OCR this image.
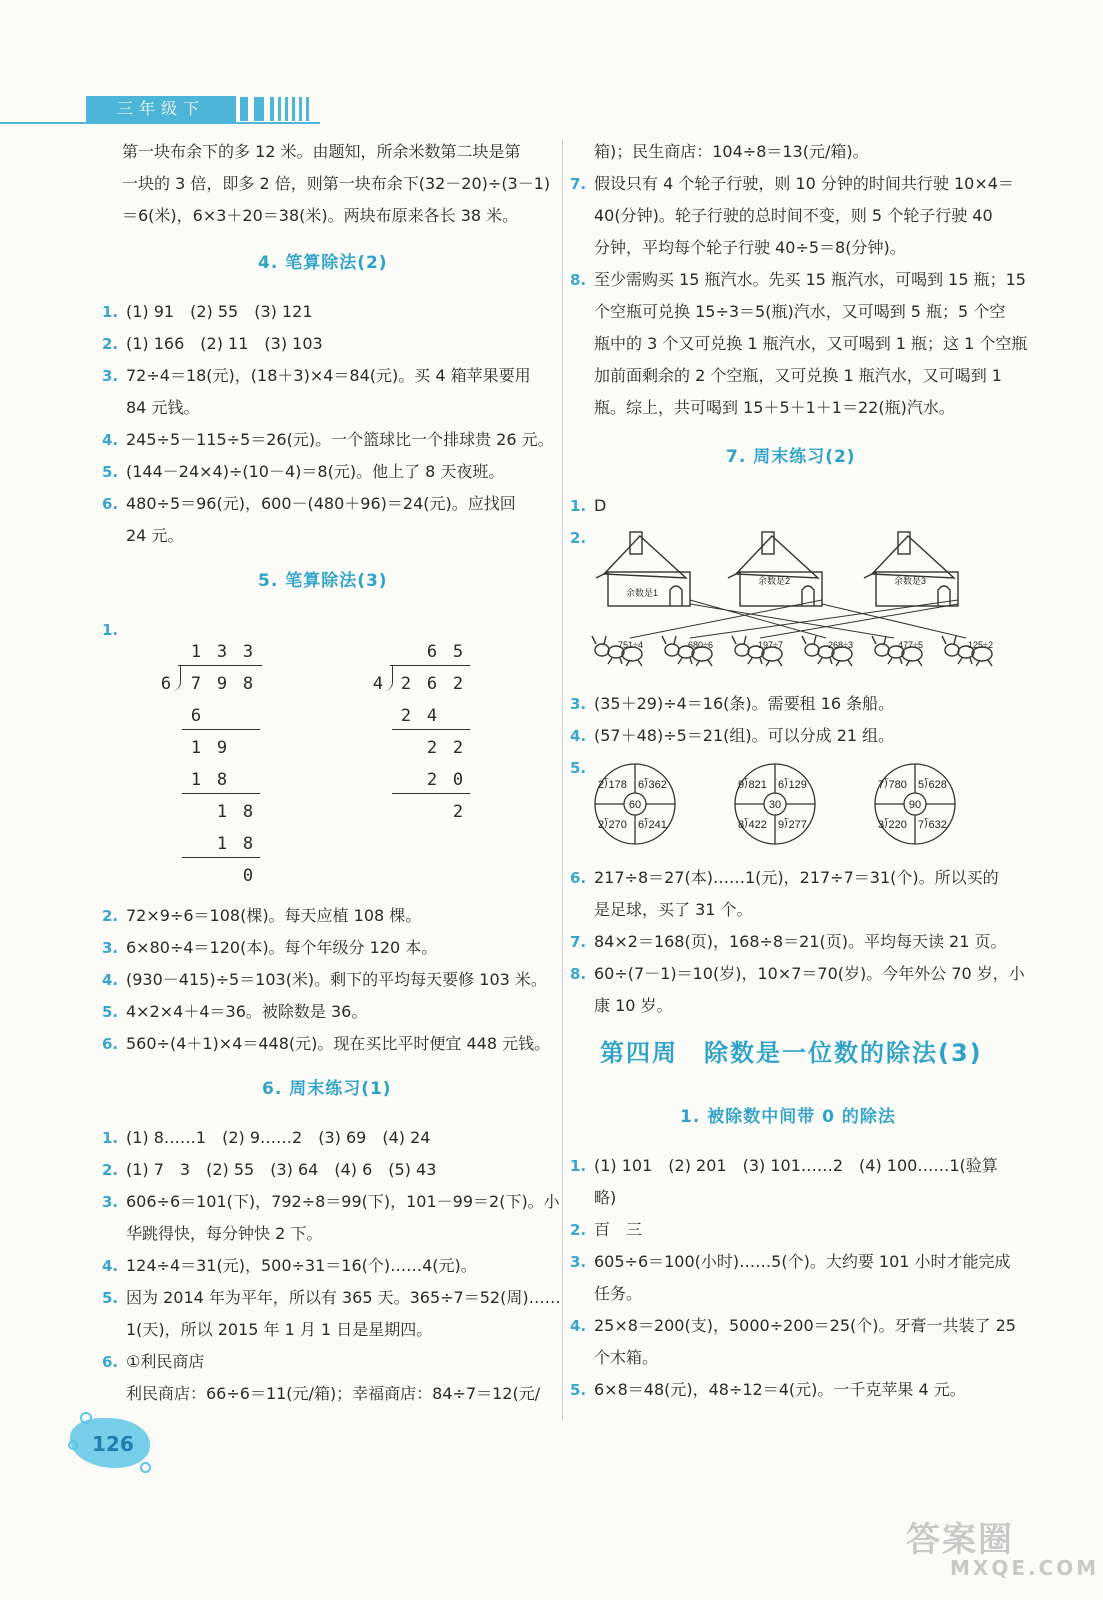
三年级下
第一块布余下的多 12 米。由题知，所余米数第二块是第
一块的 3 倍，即多 2 倍，则第一块布余下(32－20)÷(3－1)
＝6(米)，6×3＋20＝38(米)。两块布原来各长 38 米。
4. 笔算除法(2)
1. (1) 91　(2) 55　(3) 121
2. (1) 166　(2) 11　(3) 103
3. 72÷4＝18(元)，(18＋3)×4＝84(元)。买 4 箱苹果要用
84 元钱。
4. 245÷5－115÷5＝26(元)。一个篮球比一个排球贵 26 元。
5. (144－24×4)÷(10－4)＝8(元)。他上了 8 天夜班。
6. 480÷5＝96(元)，600－(480＋96)＝24(元)。应找回
24 元。
5. 笔算除法(3)
1.
1 3 3
6 7 9 8
6
1 9
1 8
1 8
1 8
0
6 5
4 2 6 2
2 4
2 2
2 0
2
2. 72×9÷6＝108(棵)。每天应植 108 棵。
3. 6×80÷4＝120(本)。每个年级分 120 本。
4. (930－415)÷5＝103(米)。剩下的平均每天要修 103 米。
5. 4×2×4＋4＝36。被除数是 36。
6. 560÷(4＋1)×4＝448(元)。现在买比平时便宜 448 元钱。
6. 周末练习(1)
1. (1) 8……1　(2) 9……2　(3) 69　(4) 24
2. (1) 7　3　(2) 55　(3) 64　(4) 6　(5) 43
3. 606÷6＝101(下)，792÷8＝99(下)，101－99＝2(下)。小
华跳得快，每分钟快 2 下。
4. 124÷4＝31(元)，500÷31＝16(个)……4(元)。
5. 因为 2014 年为平年，所以有 365 天。365÷7＝52(周)……
1(天)，所以 2015 年 1 月 1 日是星期四。
6. ①利民商店
利民商店：66÷6＝11(元/箱)；幸福商店：84÷7＝12(元/
126
箱)；民生商店：104÷8＝13(元/箱)。
7. 假设只有 4 个轮子行驶，则 10 分钟的时间共行驶 10×4＝
40(分钟)。轮子行驶的总时间不变，则 5 个轮子行驶 40
分钟，平均每个轮子行驶 40÷5＝8(分钟)。
8. 至少需购买 15 瓶汽水。先买 15 瓶汽水，可喝到 15 瓶；15
个空瓶可兑换 15÷3＝5(瓶)汽水，又可喝到 5 瓶；5 个空
瓶中的 3 个又可兑换 1 瓶汽水，又可喝到 1 瓶；这 1 个空瓶
加前面剩余的 2 个空瓶，又可兑换 1 瓶汽水，又可喝到 1
瓶。综上，共可喝到 15＋5＋1＋1＝22(瓶)汽水。
7. 周末练习(2)
1. D
2.
余数是1
余数是2	余数是3
751÷4	680÷6	197÷7	268÷3	477÷5	125÷2
3. (35＋29)÷4＝16(条)。需要租 16 条船。
4. (57＋48)÷5＝21(组)。可以分成 21 组。
5.
60
2⟌178 6⟌362
2⟌270 6⟌241
30
9⟌821 6⟌129
8⟌422 9⟌277
90
7⟌780 5⟌628
3⟌220 7⟌632
6. 217÷8＝27(本)……1(元)，217÷7＝31(个)。所以买的
是足球，买了 31 个。
7. 84×2＝168(页)，168÷8＝21(页)。平均每天读 21 页。
8. 60÷(7－1)＝10(岁)，10×7＝70(岁)。今年外公 70 岁，小
康 10 岁。
第四周　除数是一位数的除法(3)
1. 被除数中间带 0 的除法
1. (1) 101　(2) 201　(3) 101……2　(4) 100……1(验算
略)
2. 百　三
3. 605÷6＝100(小时)……5(个)。大约要 101 小时才能完成
任务。
4. 25×8＝200(支)，5000÷200＝25(个)。牙膏一共装了 25
个木箱。
5. 6×8＝48(元)，48÷12＝4(元)。一千克苹果 4 元。
答案圈
MXQE.COM
